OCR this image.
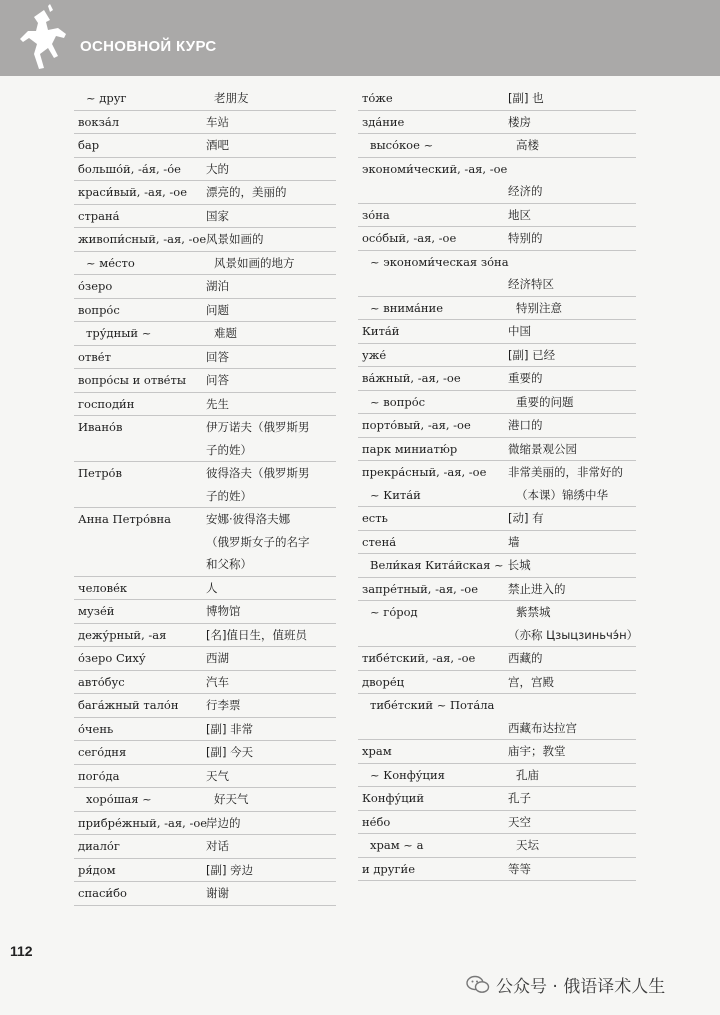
ОСНОВНОЙ КУРС
~ друг	老朋友
вокза́л	车站
бар	酒吧
большо́й, -а́я, -о́е	大的
краси́вый, -ая, -ое	漂亮的，美丽的
страна́	国家
живопи́сный, -ая, -ое 风景如画的
~ ме́сто	风景如画的地方
о́зеро	湖泊
вопро́с	问题
тру́дный ~	难题
отве́т	回答
вопро́сы и отве́ты	问答
господи́н	先生
Ивано́в	伊万诺夫（俄罗斯男
子的姓）
Петро́в	彼得洛夫（俄罗斯男
子的姓）
Анна Петро́вна	安娜·彼得洛夫娜
（俄罗斯女子的名字
和父称）
челове́к	人
музе́й	博物馆
дежу́рный, -ая	[名]值日生，值班员
о́зеро Сиху́	西湖
авто́бус	汽车
бага́жный тало́н	行李票
о́чень	[副] 非常
сего́дня	[副] 今天
пого́да	天气
хоро́шая ~	好天气
прибре́жный, -ая, -ое
岸边的
диало́г	对话
ря́дом	[副] 旁边
спаси́бо	谢谢
то́же	[副] 也
зда́ние	楼房
высо́кое ~	高楼
экономи́ческий, -ая, -ое
经济的
зо́на	地区
осо́бый, -ая, -ое	特别的
~ экономи́ческая зо́на
经济特区
~ внима́ние	特别注意
Кита́й	中国
уже́	[副] 已经
ва́жный, -ая, -ое	重要的
~ вопро́с	重要的问题
порто́вый, -ая, -ое	港口的
парк миниатю́р	微缩景观公园
прекра́сный, -ая, -ое	非常美丽的，非常好的
~ Кита́й	（本课）锦绣中华
есть	[动] 有
стена́	墙
Вели́кая Кита́йская ~ 长城
запре́тный, -ая, -ое	禁止进入的
~ го́род	紫禁城
（亦称 Цзыцзиньчэ́н）
тибе́тский, -ая, -ое	西藏的
дворе́ц	宫，宫殿
тибе́тский ~ Пота́ла
西藏布达拉宫
храм	庙宇；教堂
~ Конфу́ция	孔庙
Конфу́ций	孔子
не́бо	天空
храм ~ а	天坛
и други́е	等等
112
公众号 · 俄语译术人生
